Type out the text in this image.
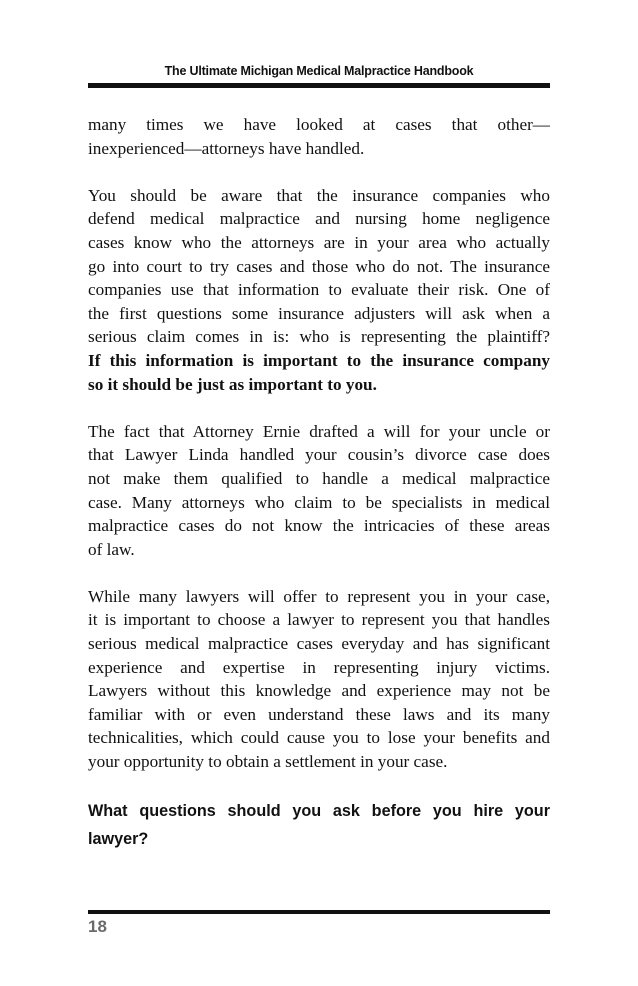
The Ultimate Michigan Medical Malpractice Handbook

many times we have looked at cases that other—
inexperienced—attorneys have handled.

You should be aware that the insurance companies who
defend medical malpractice and nursing home negligence
cases know who the attorneys are in your area who actually
go into court to try cases and those who do not. The insurance
companies use that information to evaluate their risk. One of
the first questions some insurance adjusters will ask when a
serious claim comes in is: who is representing the plaintiff?
If this information is important to the insurance company
so it should be just as important to you.

The fact that Attorney Ernie drafted a will for your uncle or
that Lawyer Linda handled your cousin’s divorce case does
not make them qualified to handle a medical malpractice
case. Many attorneys who claim to be specialists in medical
malpractice cases do not know the intricacies of these areas
of law.

While many lawyers will offer to represent you in your case,
it is important to choose a lawyer to represent you that handles
serious medical malpractice cases everyday and has significant
experience and expertise in representing injury victims.
Lawyers without this knowledge and experience may not be
familiar with or even understand these laws and its many
technicalities, which could cause you to lose your benefits and
your opportunity to obtain a settlement in your case.

What questions should you ask before you hire your
lawyer?
18
